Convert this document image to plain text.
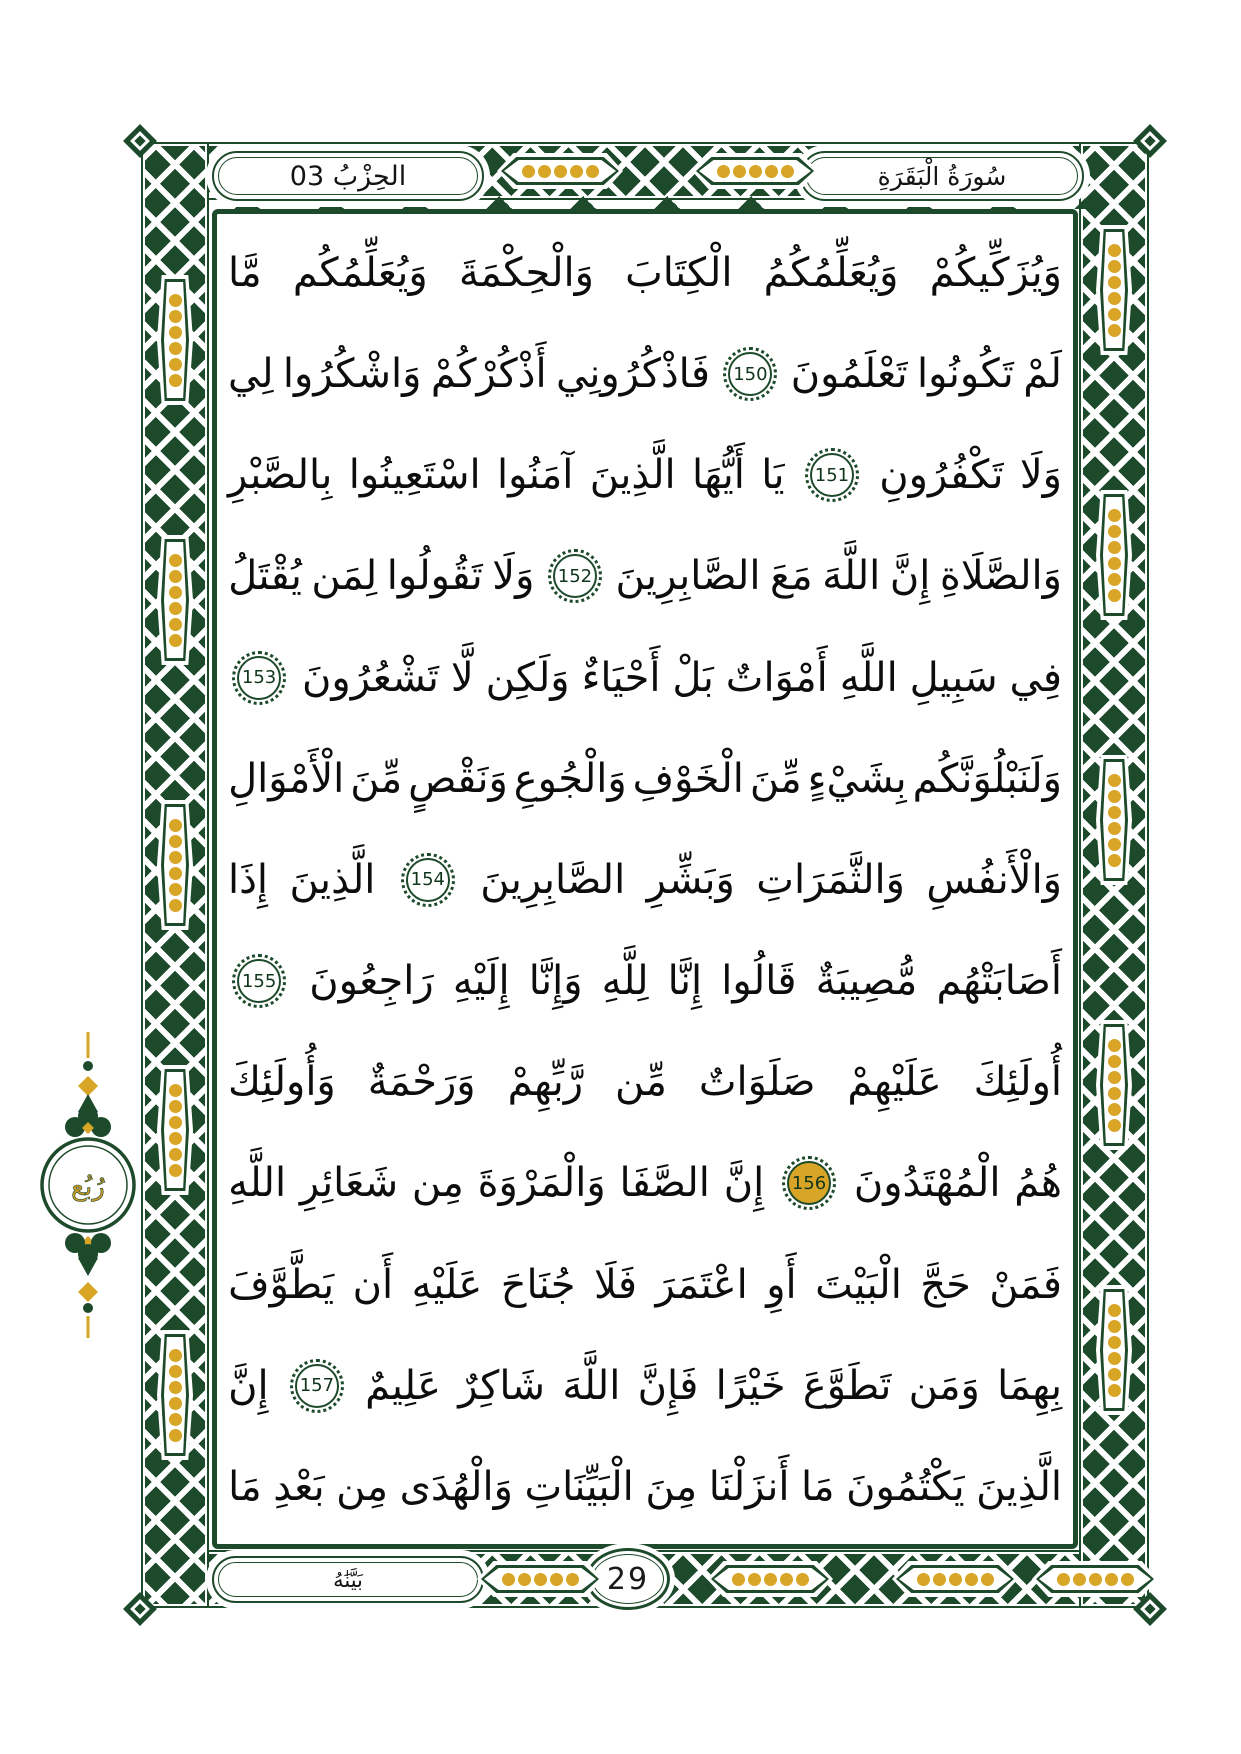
الحِزْبُ 03	سُورَةُ الْبَقَرَةِ
وَيُزَكِّيكُمْ
وَيُعَلِّمُكُمُ
الْكِتَابَ
وَالْحِكْمَةَ
وَيُعَلِّمُكُم
مَّا
لَمْ
تَكُونُوا
تَعْلَمُونَ
150
فَاذْكُرُونِي
أَذْكُرْكُمْ
وَاشْكُرُوا
لِي
وَلَا
تَكْفُرُونِ
151
يَا
أَيُّهَا
الَّذِينَ
آمَنُوا
اسْتَعِينُوا
بِالصَّبْرِ
وَالصَّلَاةِ
إِنَّ
اللَّهَ
مَعَ
الصَّابِرِينَ
152
وَلَا
تَقُولُوا
لِمَن
يُقْتَلُ
فِي
سَبِيلِ
اللَّهِ
أَمْوَاتٌ
بَلْ
أَحْيَاءٌ
وَلَكِن
لَّا
تَشْعُرُونَ
153
وَلَنَبْلُوَنَّكُم
بِشَيْءٍ
مِّنَ
الْخَوْفِ
وَالْجُوعِ
وَنَقْصٍ
مِّنَ
الْأَمْوَالِ
وَالْأَنفُسِ
وَالثَّمَرَاتِ
وَبَشِّرِ
الصَّابِرِينَ
154
الَّذِينَ
إِذَا
أَصَابَتْهُم
مُّصِيبَةٌ
قَالُوا
إِنَّا
لِلَّهِ
وَإِنَّا
إِلَيْهِ
رَاجِعُونَ
155
أُولَئِكَ
عَلَيْهِمْ
صَلَوَاتٌ
مِّن
رَّبِّهِمْ
وَرَحْمَةٌ
وَأُولَئِكَ
هُمُ
الْمُهْتَدُونَ
156
إِنَّ
الصَّفَا
وَالْمَرْوَةَ
مِن
شَعَائِرِ
اللَّهِ
فَمَنْ
حَجَّ
الْبَيْتَ
أَوِ
اعْتَمَرَ
فَلَا
جُنَاحَ
عَلَيْهِ
أَن
يَطَّوَّفَ
بِهِمَا
وَمَن
تَطَوَّعَ
خَيْرًا
فَإِنَّ
اللَّهَ
شَاكِرٌ
عَلِيمٌ
157
إِنَّ
الَّذِينَ
يَكْتُمُونَ
مَا
أَنزَلْنَا
مِنَ
الْبَيِّنَاتِ
وَالْهُدَى
مِن
بَعْدِ
مَا
بَيَّنَٰهُ	29
رُبُع
